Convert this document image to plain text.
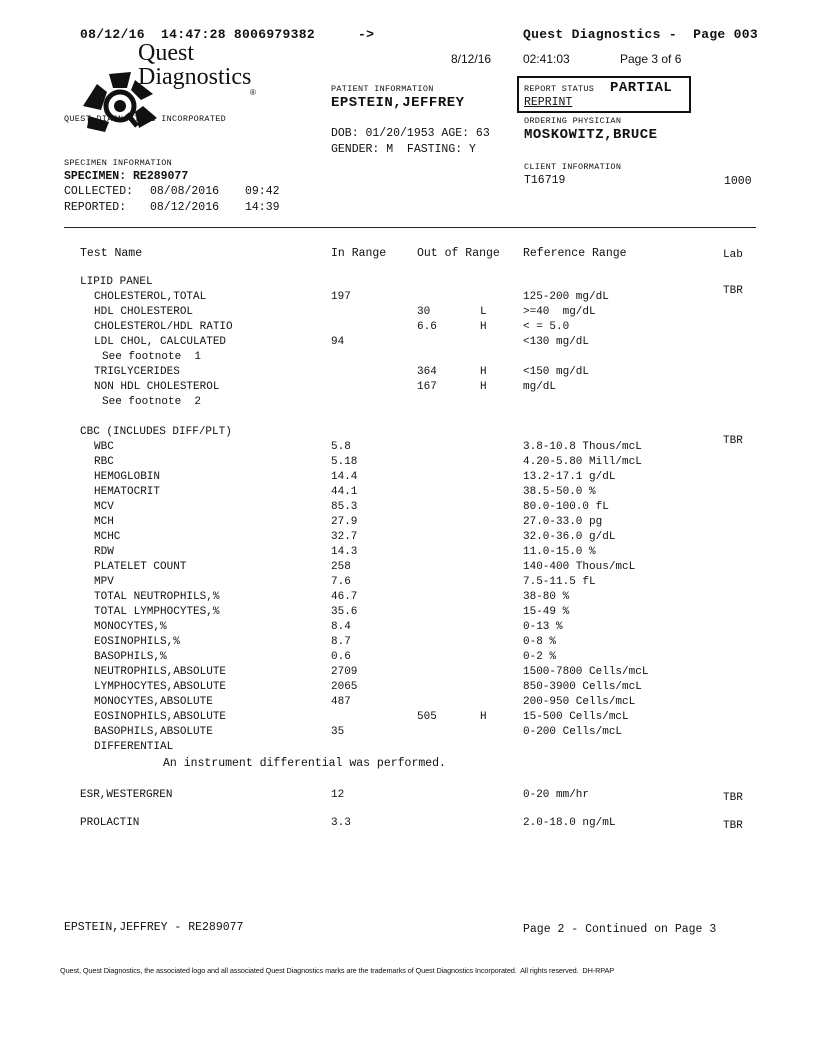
08/12/16  14:47:28 8006979382	->	Quest Diagnostics -  Page 003

Quest
Diagnostics
®
QUEST DIAGNOSTICS INCORPORATED
8/12/16	02:41:03	Page 3 of 6
PATIENT INFORMATION
EPSTEIN,JEFFREY
DOB: 01/20/1953 AGE: 63
GENDER: M  FASTING: Y
REPORT STATUS PARTIAL
REPRINT
ORDERING PHYSICIAN
MOSKOWITZ,BRUCE
CLIENT INFORMATION
T16719	1000
SPECIMEN INFORMATION
SPECIMEN: RE289077
COLLECTED: 08/08/2016 09:42
REPORTED: 08/12/2016 14:39
Test Name	In Range	Out of Range Reference Range	Lab
LIPID PANEL
CHOLESTEROL,TOTAL	197	125-200 mg/dL	TBR
HDL CHOLESTEROL	30	L	>=40  mg/dL
CHOLESTEROL/HDL RATIO	6.6	H	< = 5.0
LDL CHOL, CALCULATED	94	<130 mg/dL
See footnote  1
TRIGLYCERIDES	364	H	<150 mg/dL
NON HDL CHOLESTEROL	167	H	mg/dL
See footnote  2
CBC (INCLUDES DIFF/PLT)
WBC	5.8	3.8-10.8 Thous/mcL	TBR
RBC	5.18	4.20-5.80 Mill/mcL
HEMOGLOBIN	14.4	13.2-17.1 g/dL
HEMATOCRIT	44.1	38.5-50.0 %
MCV	85.3	80.0-100.0 fL
MCH	27.9	27.0-33.0 pg
MCHC	32.7	32.0-36.0 g/dL
RDW	14.3	11.0-15.0 %
PLATELET COUNT	258	140-400 Thous/mcL
MPV	7.6	7.5-11.5 fL
TOTAL NEUTROPHILS,%	46.7	38-80 %
TOTAL LYMPHOCYTES,%	35.6	15-49 %
MONOCYTES,%	8.4	0-13 %
EOSINOPHILS,%	8.7	0-8 %
BASOPHILS,%	0.6	0-2 %
NEUTROPHILS,ABSOLUTE	2709	1500-7800 Cells/mcL
LYMPHOCYTES,ABSOLUTE	2065	850-3900 Cells/mcL
MONOCYTES,ABSOLUTE	487	200-950 Cells/mcL
EOSINOPHILS,ABSOLUTE	505	H	15-500 Cells/mcL
BASOPHILS,ABSOLUTE	35	0-200 Cells/mcL
DIFFERENTIAL
An instrument differential was performed.
ESR,WESTERGREN	12	0-20 mm/hr	TBR
PROLACTIN	3.3	2.0-18.0 ng/mL	TBR
EPSTEIN,JEFFREY - RE289077	Page 2 - Continued on Page 3
Quest, Quest Diagnostics, the associated logo and all associated Quest Diagnostics marks are the trademarks of Quest Diagnostics Incorporated.  All rights reserved.  DH-RPAP
